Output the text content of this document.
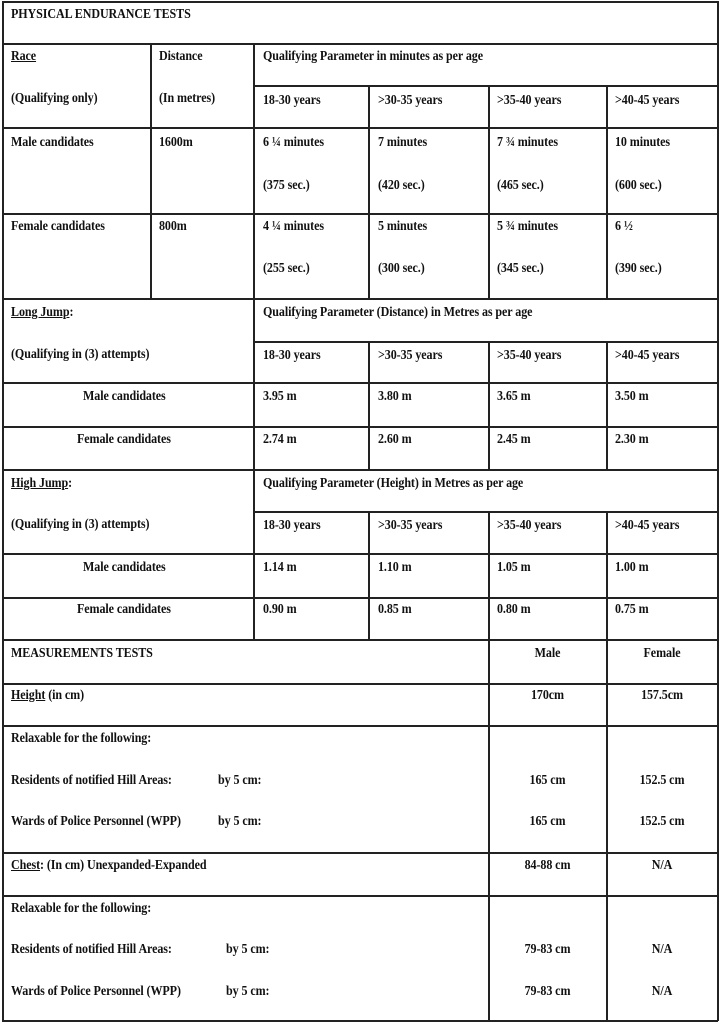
PHYSICAL ENDURANCE TESTS
Race
(Qualifying only)
Distance
(In metres)
Qualifying Parameter in minutes as per age
18-30 years	>30-35 years	>35-40 years	>40-45 years
Male candidates	1600m	6 ¼ minutes	7 minutes	7 ¾ minutes	10 minutes
(375 sec.)	(420 sec.)	(465 sec.)	(600 sec.)
Female candidates	800m	4 ¼ minutes	5 minutes	5 ¾ minutes	6 ½
(255 sec.)	(300 sec.)	(345 sec.)	(390 sec.)
Long Jump:
(Qualifying in (3) attempts)
Qualifying Parameter (Distance) in Metres as per age
18-30 years	>30-35 years	>35-40 years	>40-45 years
Male candidates	3.95 m	3.80 m	3.65 m	3.50 m
Female candidates	2.74 m	2.60 m	2.45 m	2.30 m
High Jump:
(Qualifying in (3) attempts)
Qualifying Parameter (Height) in Metres as per age
18-30 years	>30-35 years	>35-40 years	>40-45 years
Male candidates	1.14 m	1.10 m	1.05 m	1.00 m
Female candidates	0.90 m	0.85 m	0.80 m	0.75 m
MEASUREMENTS TESTS	Male	Female
Height (in cm)	170cm	157.5cm
Relaxable for the following:
Residents of notified Hill Areas:	by 5 cm:	165 cm	152.5 cm
Wards of Police Personnel (WPP)	by 5 cm:	165 cm	152.5 cm
Chest: (In cm) Unexpanded-Expanded	84-88 cm	N/A
Relaxable for the following:
Residents of notified Hill Areas:	by 5 cm:	79-83 cm	N/A
Wards of Police Personnel (WPP)	by 5 cm:	79-83 cm	N/A
